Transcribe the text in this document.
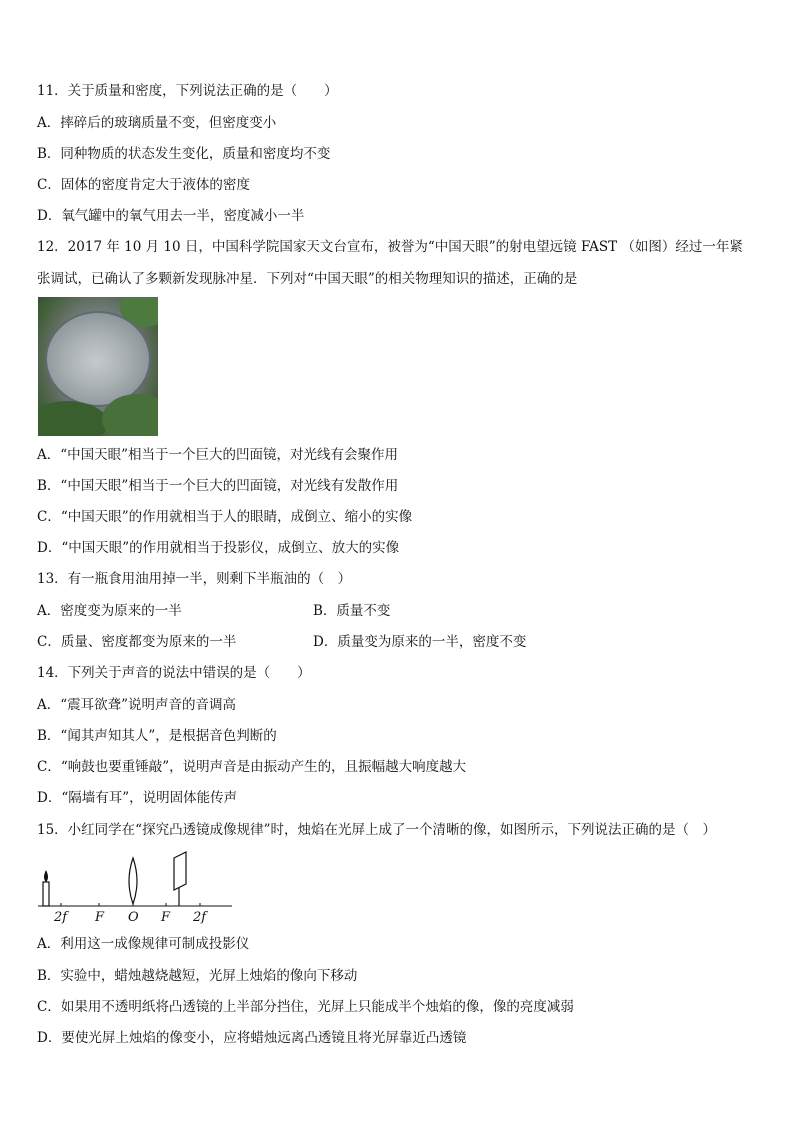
11．关于质量和密度，下列说法正确的是（　　）
A．摔碎后的玻璃质量不变，但密度变小
B．同种物质的状态发生变化，质量和密度均不变
C．固体的密度肯定大于液体的密度
D．氧气罐中的氧气用去一半，密度减小一半
12．2017 年 10 月 10 日，中国科学院国家天文台宣布，被誉为“中国天眼”的射电望远镜 FAST （如图）经过一年紧
张调试，已确认了多颗新发现脉冲星．下列对“中国天眼”的相关物理知识的描述，正确的是
A．“中国天眼”相当于一个巨大的凹面镜，对光线有会聚作用
B．“中国天眼”相当于一个巨大的凹面镜，对光线有发散作用
C．“中国天眼”的作用就相当于人的眼睛，成倒立、缩小的实像
D．“中国天眼”的作用就相当于投影仪，成倒立、放大的实像
13．有一瓶食用油用掉一半，则剩下半瓶油的（　）
A．密度变为原来的一半	B．质量不变
C．质量、密度都变为原来的一半	D．质量变为原来的一半，密度不变
14．下列关于声音的说法中错误的是（　　）
A．“震耳欲聋”说明声音的音调高
B．“闻其声知其人”，是根据音色判断的
C．“响鼓也要重锤敲”，说明声音是由振动产生的，且振幅越大响度越大
D．“隔墙有耳”，说明固体能传声
15．小红同学在“探究凸透镜成像规律”时，烛焰在光屏上成了一个清晰的像，如图所示，下列说法正确的是（　）
2f F O F 2f
A．利用这一成像规律可制成投影仪
B．实验中，蜡烛越烧越短，光屏上烛焰的像向下移动
C．如果用不透明纸将凸透镜的上半部分挡住，光屏上只能成半个烛焰的像，像的亮度减弱
D．要使光屏上烛焰的像变小，应将蜡烛远离凸透镜且将光屏靠近凸透镜
